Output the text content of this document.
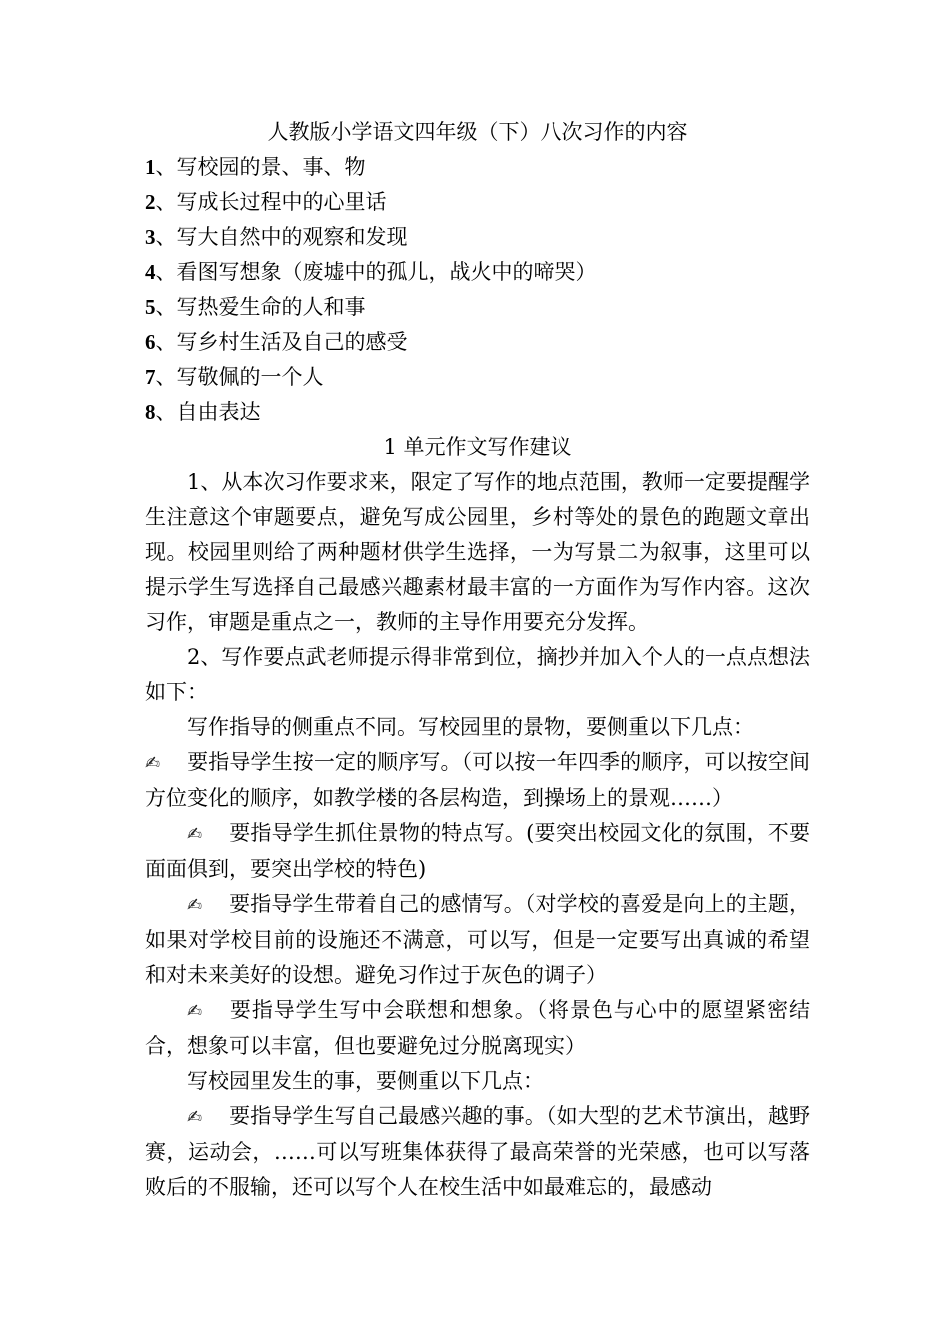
人教版小学语文四年级（下）八次习作的内容

1、写校园的景、事、物
2、写成长过程中的心里话
3、写大自然中的观察和发现
4、看图写想象（废墟中的孤儿，战火中的啼哭）
5、写热爱生命的人和事
6、写乡村生活及自己的感受
7、写敬佩的一个人
8、自由表达

1 单元作文写作建议

1、从本次习作要求来，限定了写作的地点范围，教师一定要提醒学生注意这个审题要点，避免写成公园里，乡村等处的景色的跑题文章出现。校园里则给了两种题材供学生选择，一为写景二为叙事，这里可以提示学生写选择自己最感兴趣素材最丰富的一方面作为写作内容。这次习作，审题是重点之一，教师的主导作用要充分发挥。

2、写作要点武老师提示得非常到位，摘抄并加入个人的一点点想法如下：

写作指导的侧重点不同。写校园里的景物，要侧重以下几点：

✍ 要指导学生按一定的顺序写。（可以按一年四季的顺序，可以按空间方位变化的顺序，如教学楼的各层构造，到操场上的景观……）

✍ 要指导学生抓住景物的特点写。(要突出校园文化的氛围，不要面面俱到，要突出学校的特色)

✍ 要指导学生带着自己的感情写。（对学校的喜爱是向上的主题，如果对学校目前的设施还不满意，可以写，但是一定要写出真诚的希望和对未来美好的设想。避免习作过于灰色的调子）

✍ 要指导学生写中会联想和想象。（将景色与心中的愿望紧密结合，想象可以丰富，但也要避免过分脱离现实）

写校园里发生的事，要侧重以下几点：

✍ 要指导学生写自己最感兴趣的事。（如大型的艺术节演出，越野赛，运动会，……可以写班集体获得了最高荣誉的光荣感，也可以写落败后的不服输，还可以写个人在校生活中如最难忘的，最感动
